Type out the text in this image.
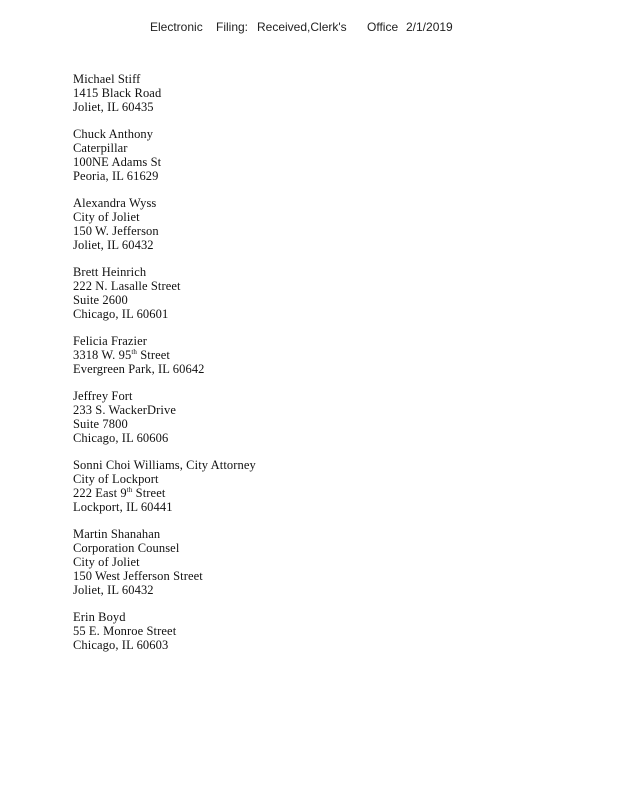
Electronic Filing: Received,Clerk's Office 2/1/2019
Michael Stiff
1415 Black Road
Joliet, IL 60435
Chuck Anthony
Caterpillar
100NE Adams St
Peoria, IL 61629
Alexandra Wyss
City of Joliet
150 W. Jefferson
Joliet, IL 60432
Brett Heinrich
222 N. Lasalle Street
Suite 2600
Chicago, IL 60601
Felicia Frazier
3318 W. 95th Street
Evergreen Park, IL 60642
Jeffrey Fort
233 S. WackerDrive
Suite 7800
Chicago, IL 60606
Sonni Choi Williams, City Attorney
City of Lockport
222 East 9th Street
Lockport, IL 60441
Martin Shanahan
Corporation Counsel
City of Joliet
150 West Jefferson Street
Joliet, IL 60432
Erin Boyd
55 E. Monroe Street
Chicago, IL 60603
